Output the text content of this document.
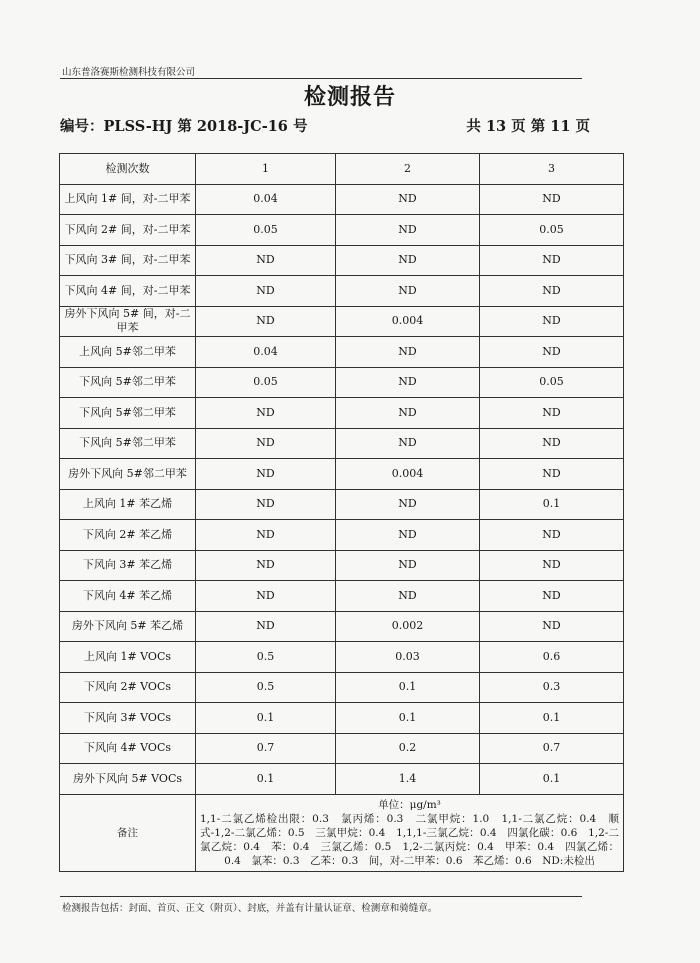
山东普洛赛斯检测科技有限公司
检测报告
编号：PLSS-HJ 第 2018-JC-16 号	共 13 页 第 11 页
检测次数	1	2	3
上风向 1# 间，对-二甲苯	0.04	ND	ND
下风向 2# 间，对-二甲苯	0.05	ND	0.05
下风向 3# 间，对-二甲苯	ND	ND	ND
下风向 4# 间，对-二甲苯	ND	ND	ND
房外下风向 5# 间，对-二甲苯	ND	0.004	ND
上风向 5#邻二甲苯	0.04	ND	ND
下风向 5#邻二甲苯	0.05	ND	0.05
下风向 5#邻二甲苯	ND	ND	ND
下风向 5#邻二甲苯	ND	ND	ND
房外下风向 5#邻二甲苯	ND	0.004	ND
上风向 1# 苯乙烯	ND	ND	0.1
下风向 2# 苯乙烯	ND	ND	ND
下风向 3# 苯乙烯	ND	ND	ND
下风向 4# 苯乙烯	ND	ND	ND
房外下风向 5# 苯乙烯	ND	0.002	ND
上风向 1# VOCs	0.5	0.03	0.6
下风向 2# VOCs	0.5	0.1	0.3
下风向 3# VOCs	0.1	0.1	0.1
下风向 4# VOCs	0.7	0.2	0.7
房外下风向 5# VOCs	0.1	1.4	0.1
备注	单位：μg/m³
1,1-二氯乙烯检出限：0.3　氯丙烯：0.3　二氯甲烷：1.0　1,1-二氯乙烷：0.4　顺式-1,2-二氯乙烯：0.5　三氯甲烷：0.4　1,1,1-三氯乙烷：0.4　四氯化碳：0.6　1,2-二氯乙烷：0.4　苯：0.4　三氯乙烯：0.5　1,2-二氯丙烷：0.4　甲苯：0.4　四氯乙烯：0.4　氯苯：0.3　乙苯：0.3　间，对-二甲苯：0.6　苯乙烯：0.6　ND:未检出		
检测报告包括：封面、首页、正文（附页）、封底，并盖有计量认证章、检测章和骑缝章。
